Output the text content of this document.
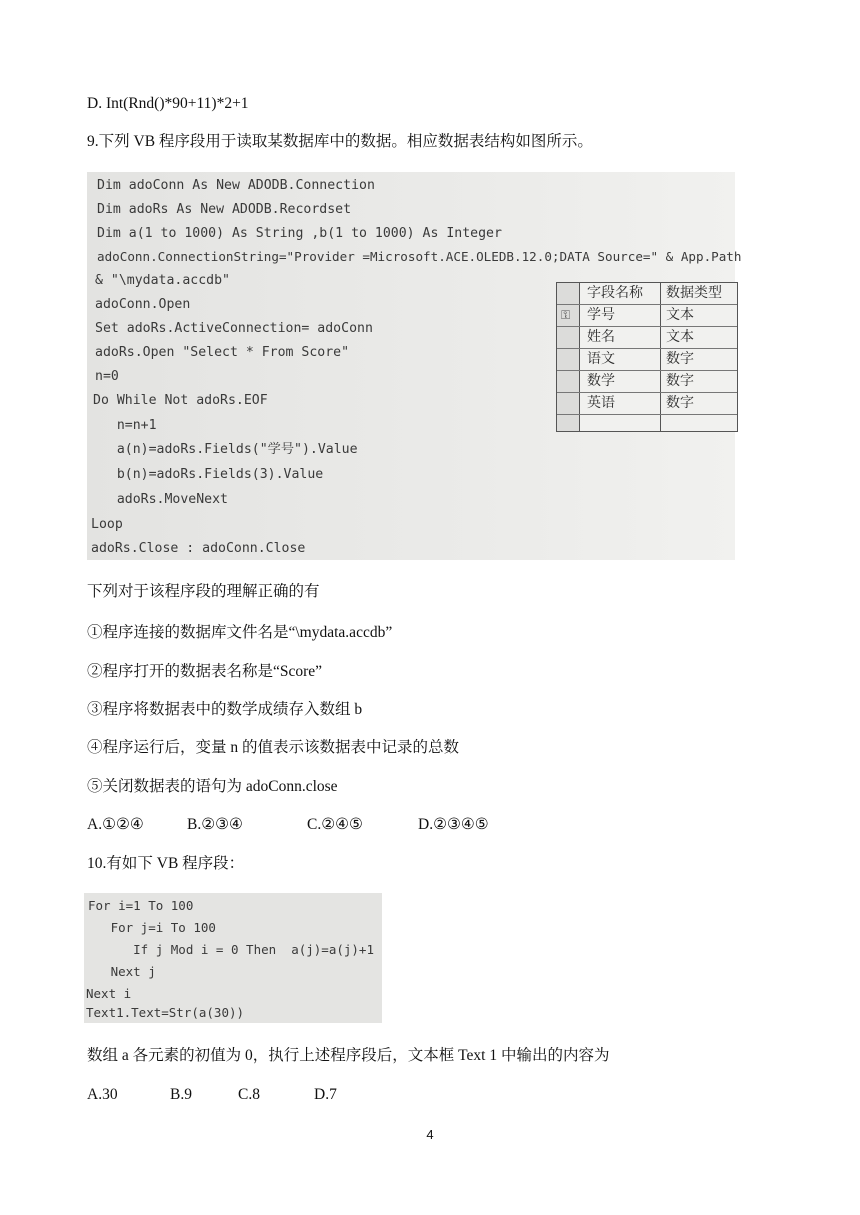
D. Int(Rnd()*90+11)*2+1
9.下列 VB 程序段用于读取某数据库中的数据。相应数据表结构如图所示。
Dim adoConn As New ADODB.Connection
Dim adoRs As New ADODB.Recordset
Dim a(1 to 1000) As String ,b(1 to 1000) As Integer
adoConn.ConnectionString="Provider =Microsoft.ACE.OLEDB.12.0;DATA Source=" & App.Path
& "\mydata.accdb"
adoConn.Open
Set adoRs.ActiveConnection= adoConn
adoRs.Open "Select * From Score"
n=0
Do While Not adoRs.EOF
n=n+1
a(n)=adoRs.Fields("学号").Value
b(n)=adoRs.Fields(3).Value
adoRs.MoveNext
Loop
adoRs.Close : adoConn.Close
字段名称	数据类型
⚿ 学号	文本
姓名	文本
语文	数字
数学	数字
英语	数字
下列对于该程序段的理解正确的有
①程序连接的数据库文件名是“\mydata.accdb”
②程序打开的数据表名称是“Score”
③程序将数据表中的数学成绩存入数组 b
④程序运行后，变量 n 的值表示该数据表中记录的总数
⑤关闭数据表的语句为 adoConn.close
A.①②④	B.②③④	C.②④⑤	D.②③④⑤
10.有如下 VB 程序段：
For i=1 To 100
For j=i To 100
If j Mod i = 0 Then  a(j)=a(j)+1
Next j
Next i
Text1.Text=Str(a(30))
数组 a 各元素的初值为 0，执行上述程序段后，文本框 Text 1 中输出的内容为
A.30	B.9	C.8	D.7
4
